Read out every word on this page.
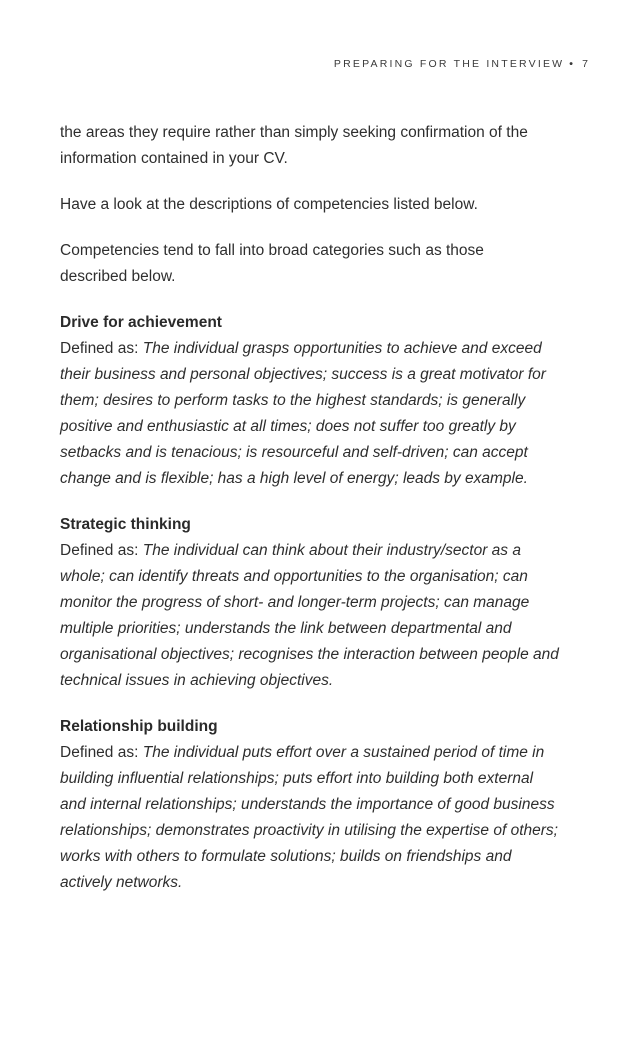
PREPARING FOR THE INTERVIEW • 7

the areas they require rather than simply seeking confirmation of the
information contained in your CV.

Have a look at the descriptions of competencies listed below.

Competencies tend to fall into broad categories such as those
described below.

Drive for achievement
Defined as: The individual grasps opportunities to achieve and exceed
their business and personal objectives; success is a great motivator for
them; desires to perform tasks to the highest standards; is generally
positive and enthusiastic at all times; does not suffer too greatly by
setbacks and is tenacious; is resourceful and self-driven; can accept
change and is flexible; has a high level of energy; leads by example.
Strategic thinking
Defined as: The individual can think about their industry/sector as a
whole; can identify threats and opportunities to the organisation; can
monitor the progress of short- and longer-term projects; can manage
multiple priorities; understands the link between departmental and
organisational objectives; recognises the interaction between people and
technical issues in achieving objectives.
Relationship building
Defined as: The individual puts effort over a sustained period of time in
building influential relationships; puts effort into building both external
and internal relationships; understands the importance of good business
relationships; demonstrates proactivity in utilising the expertise of others;
works with others to formulate solutions; builds on friendships and
actively networks.
